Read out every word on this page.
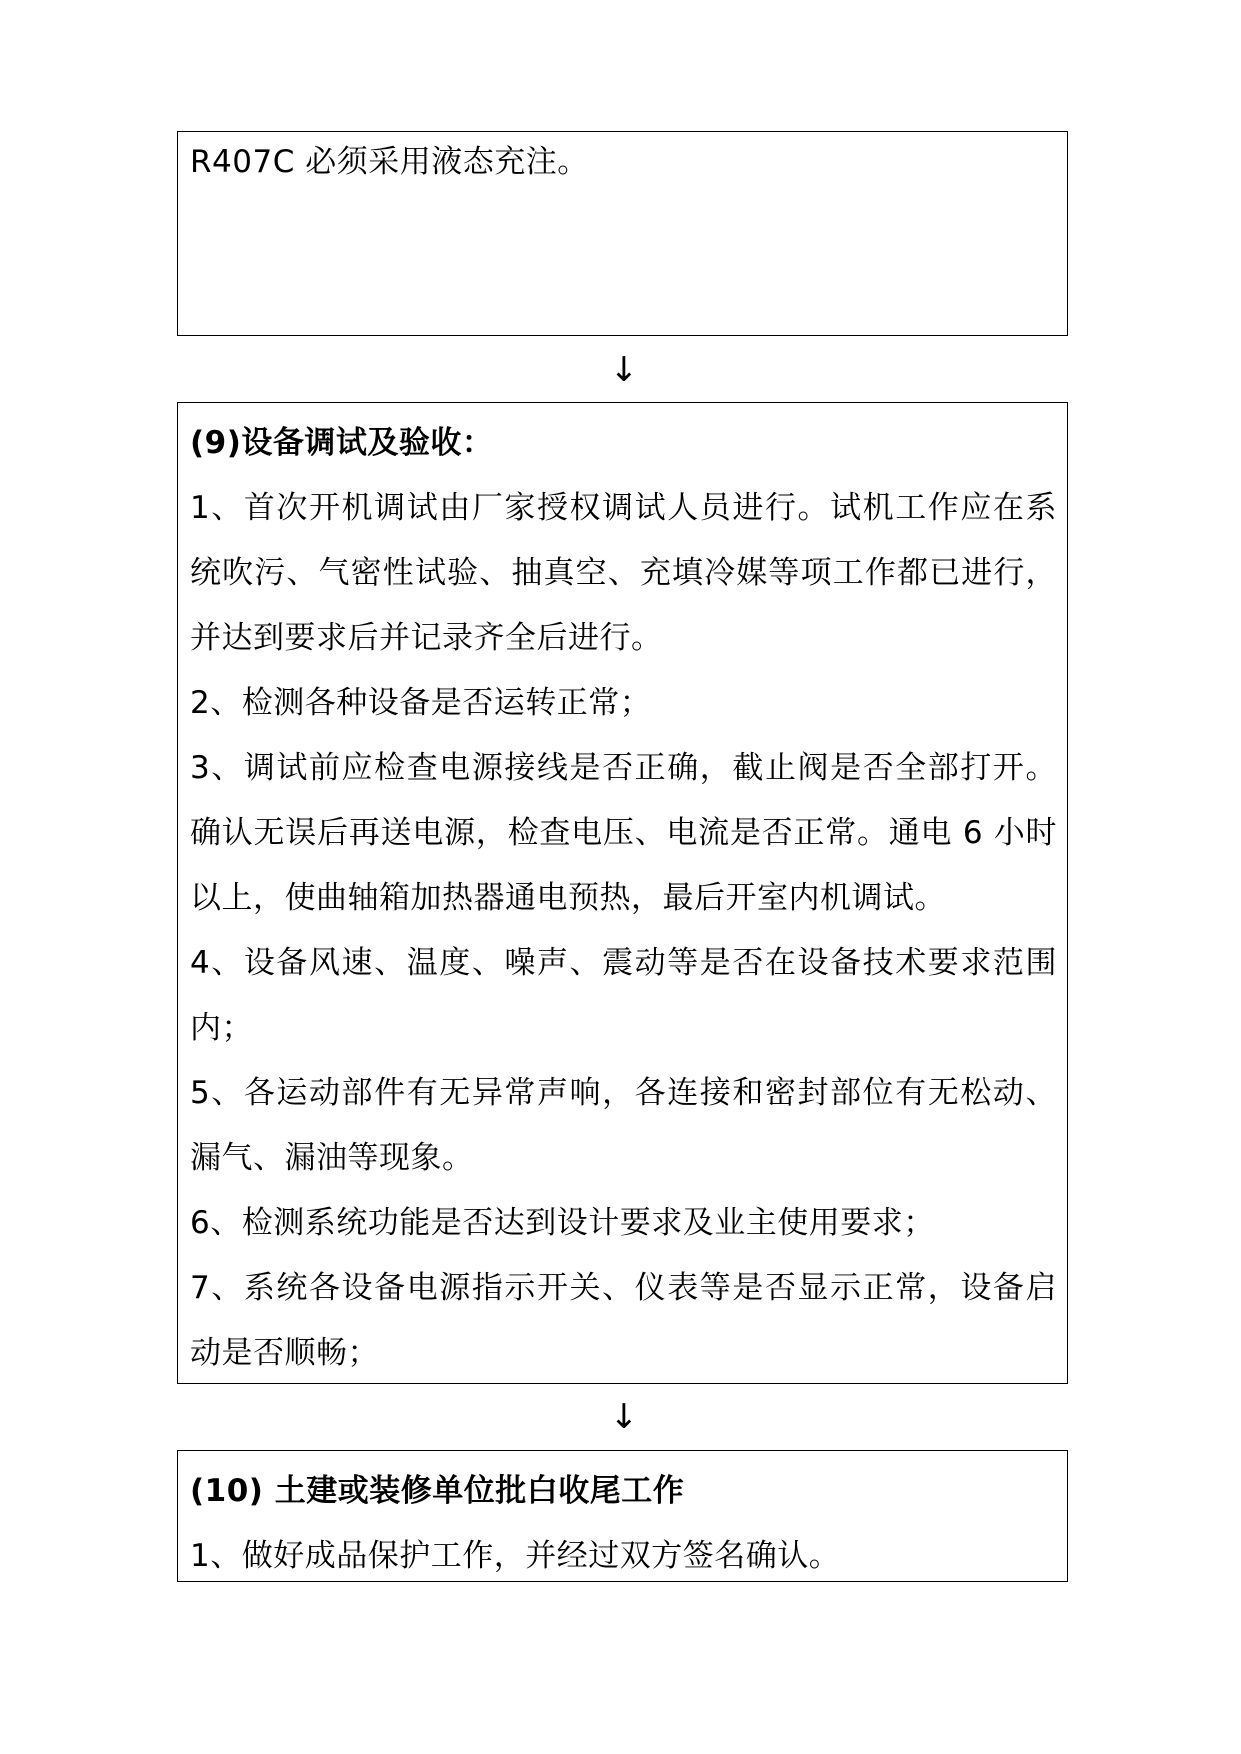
R407C 必须采用液态充注。

↓

(9)设备调试及验收：

1、首次开机调试由厂家授权调试人员进行。试机工作应在系统吹污、气密性试验、抽真空、充填冷媒等项工作都已进行，并达到要求后并记录齐全后进行。

2、检测各种设备是否运转正常；

3、调试前应检查电源接线是否正确，截止阀是否全部打开。确认无误后再送电源，检查电压、电流是否正常。通电 6 小时以上，使曲轴箱加热器通电预热，最后开室内机调试。

4、设备风速、温度、噪声、震动等是否在设备技术要求范围内；

5、各运动部件有无异常声响，各连接和密封部位有无松动、漏气、漏油等现象。

6、检测系统功能是否达到设计要求及业主使用要求；

7、系统各设备电源指示开关、仪表等是否显示正常，设备启动是否顺畅；

↓

(10) 土建或装修单位批白收尾工作

1、做好成品保护工作，并经过双方签名确认。
